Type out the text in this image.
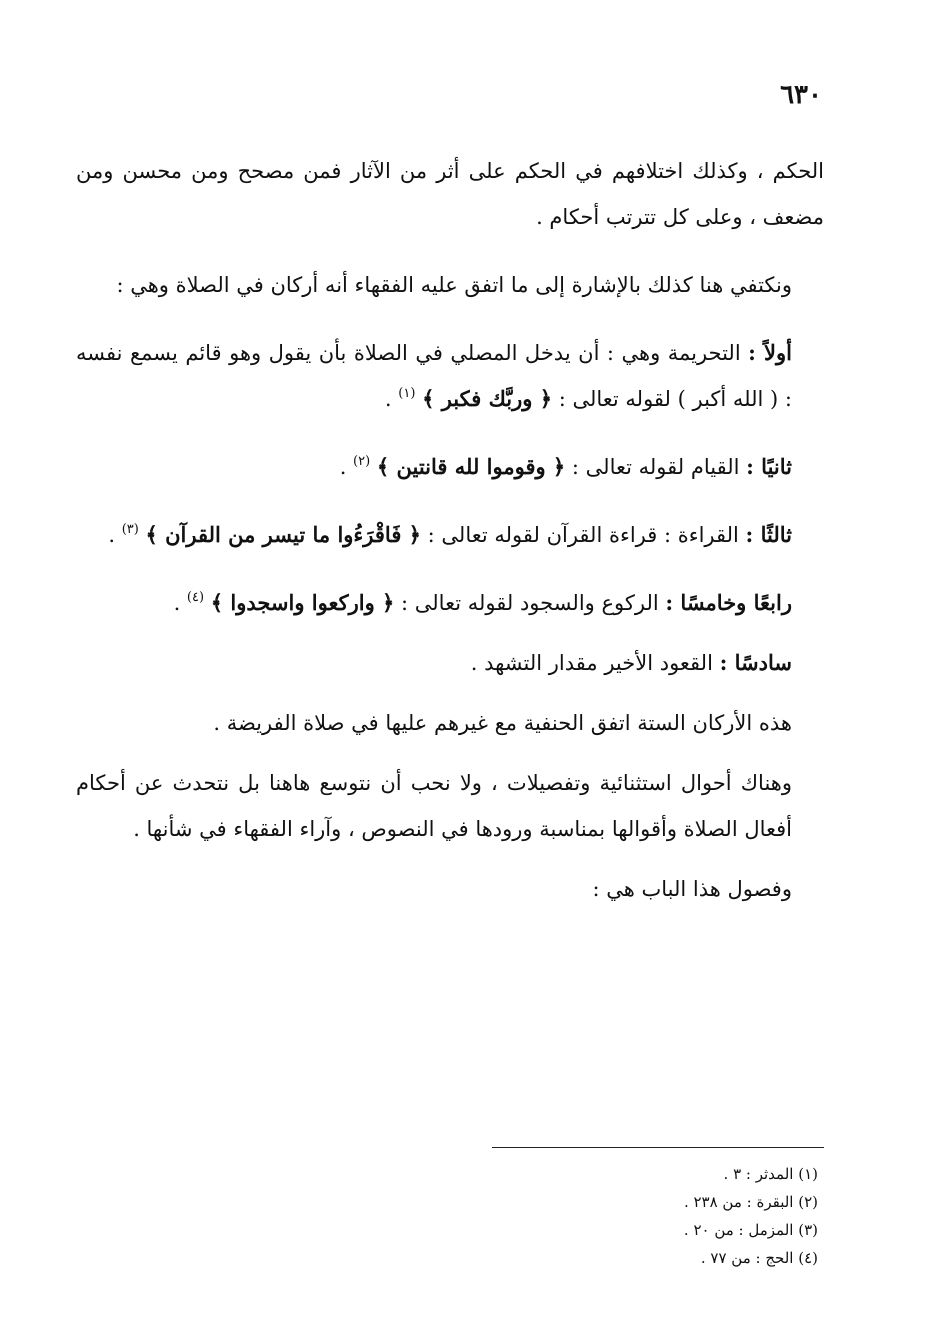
٦٣٠

الحكم ، وكذلك اختلافهم في الحكم على أثر من الآثار فمن مصحح ومن محسن ومن مضعف ، وعلى كل تترتب أحكام .

ونكتفي هنا كذلك بالإشارة إلى ما اتفق عليه الفقهاء أنه أركان في الصلاة وهي :

أولاً : التحريمة وهي : أن يدخل المصلي في الصلاة بأن يقول وهو قائم يسمع نفسه : ( الله أكبر ) لقوله تعالى : ﴿ وربَّك فكبر ﴾ $^{(١)}$ .

ثانيًا : القيام لقوله تعالى : ﴿ وقوموا لله قانتين ﴾ $^{(٢)}$ .

ثالثًا : القراءة : قراءة القرآن لقوله تعالى : ﴿ فَاقْرَءُوا ما تيسر من القرآن ﴾ $^{(٣)}$ .

رابعًا وخامسًا : الركوع والسجود لقوله تعالى : ﴿ واركعوا واسجدوا ﴾ $^{(٤)}$ .

سادسًا : القعود الأخير مقدار التشهد .

هذه الأركان الستة اتفق الحنفية مع غيرهم عليها في صلاة الفريضة .

وهناك أحوال استثنائية وتفصيلات ، ولا نحب أن نتوسع هاهنا بل نتحدث عن أحكام أفعال الصلاة وأقوالها بمناسبة ورودها في النصوص ، وآراء الفقهاء في شأنها .

وفصول هذا الباب هي :

(١) المدثر : ٣ .

(٢) البقرة : من ٢٣٨ .

(٣) المزمل : من ٢٠ .

(٤) الحج : من ٧٧ .
